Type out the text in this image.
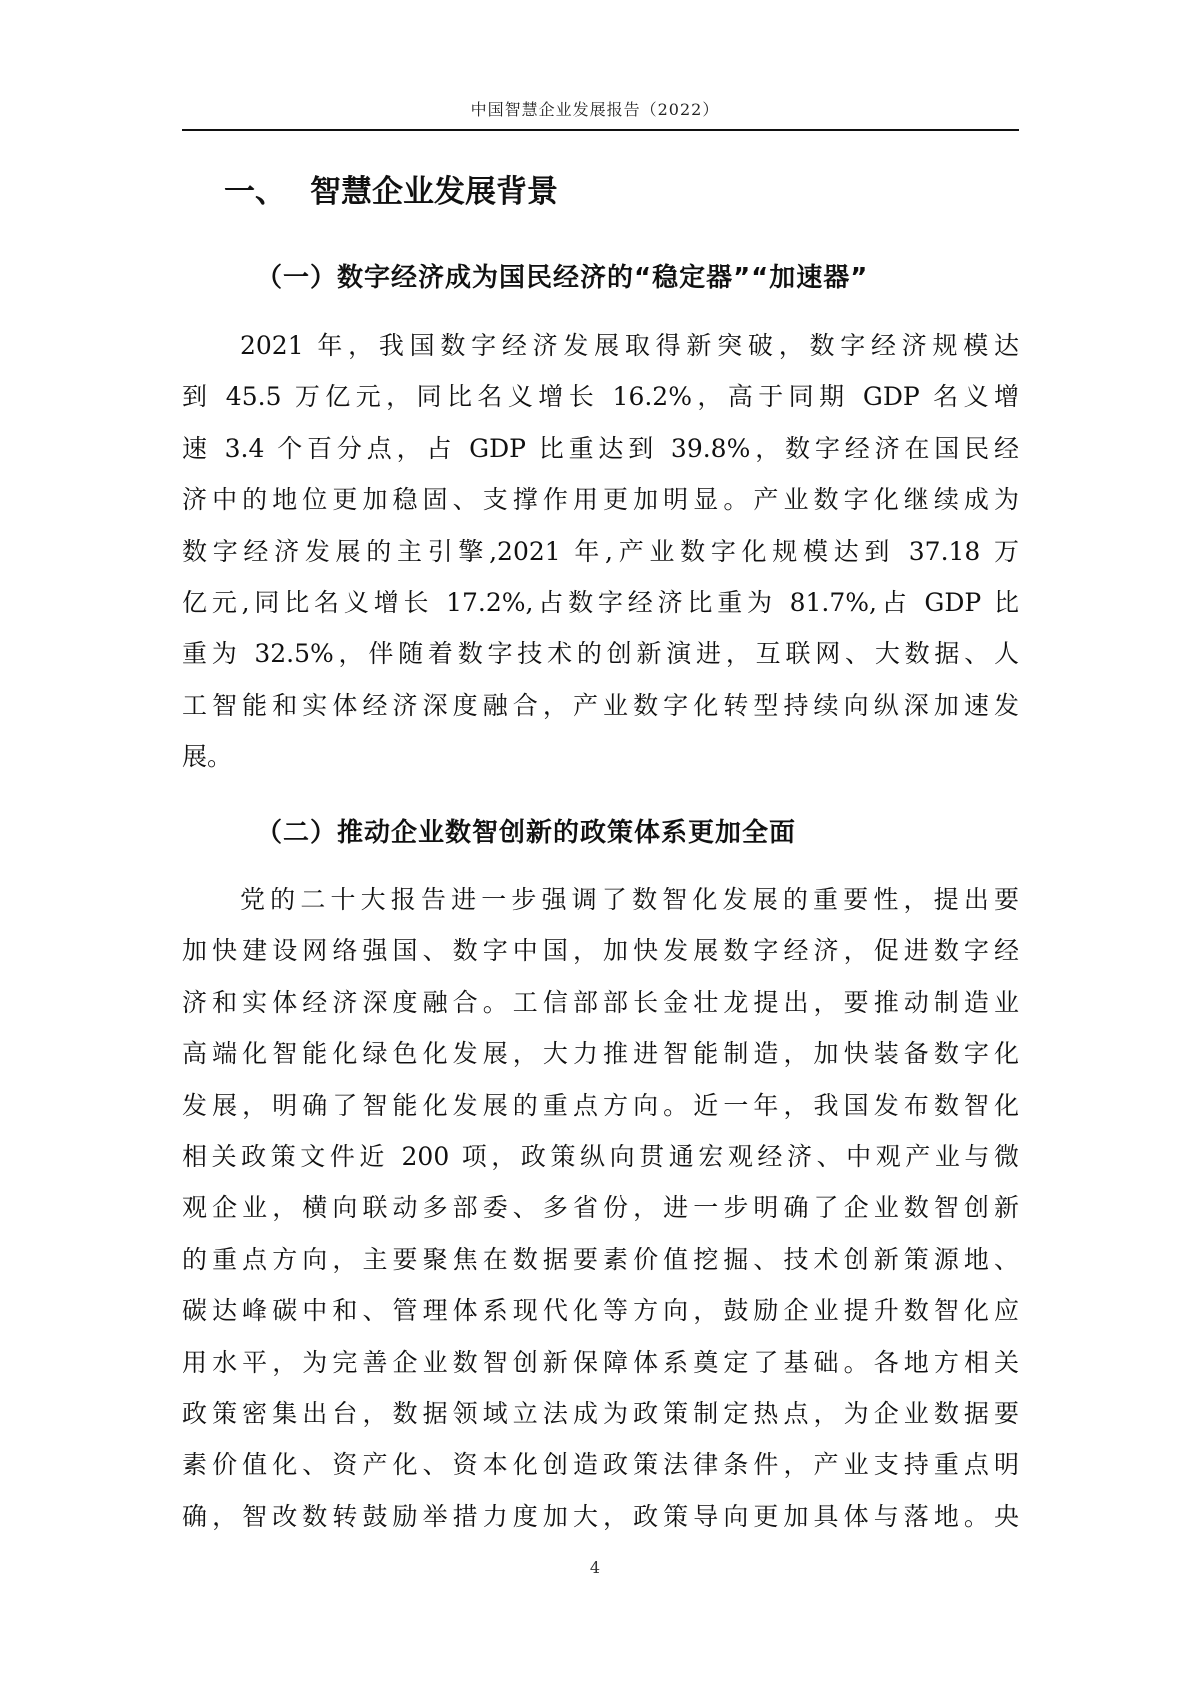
中国智慧企业发展报告（2022）
一、 智慧企业发展背景
（一）数字经济成为国民经济的“稳定器”“加速器”
2021 年，我国数字经济发展取得新突破，数字经济规模达
到 45.5 万亿元，同比名义增长 16.2%，高于同期 GDP 名义增
速 3.4 个百分点，占 GDP 比重达到 39.8%，数字经济在国民经
济中的地位更加稳固、支撑作用更加明显。产业数字化继续成为
数字经济发展的主引擎,2021 年,产业数字化规模达到 37.18 万
亿元,同比名义增长 17.2%,占数字经济比重为 81.7%,占 GDP 比
重为 32.5%，伴随着数字技术的创新演进，互联网、大数据、人
工智能和实体经济深度融合，产业数字化转型持续向纵深加速发
展。
（二）推动企业数智创新的政策体系更加全面
党的二十大报告进一步强调了数智化发展的重要性，提出要
加快建设网络强国、数字中国，加快发展数字经济，促进数字经
济和实体经济深度融合。工信部部长金壮龙提出，要推动制造业
高端化智能化绿色化发展，大力推进智能制造，加快装备数字化
发展，明确了智能化发展的重点方向。近一年，我国发布数智化
相关政策文件近 200 项，政策纵向贯通宏观经济、中观产业与微
观企业，横向联动多部委、多省份，进一步明确了企业数智创新
的重点方向，主要聚焦在数据要素价值挖掘、技术创新策源地、
碳达峰碳中和、管理体系现代化等方向，鼓励企业提升数智化应
用水平，为完善企业数智创新保障体系奠定了基础。各地方相关
政策密集出台，数据领域立法成为政策制定热点，为企业数据要
素价值化、资产化、资本化创造政策法律条件，产业支持重点明
确，智改数转鼓励举措力度加大，政策导向更加具体与落地。央
4
